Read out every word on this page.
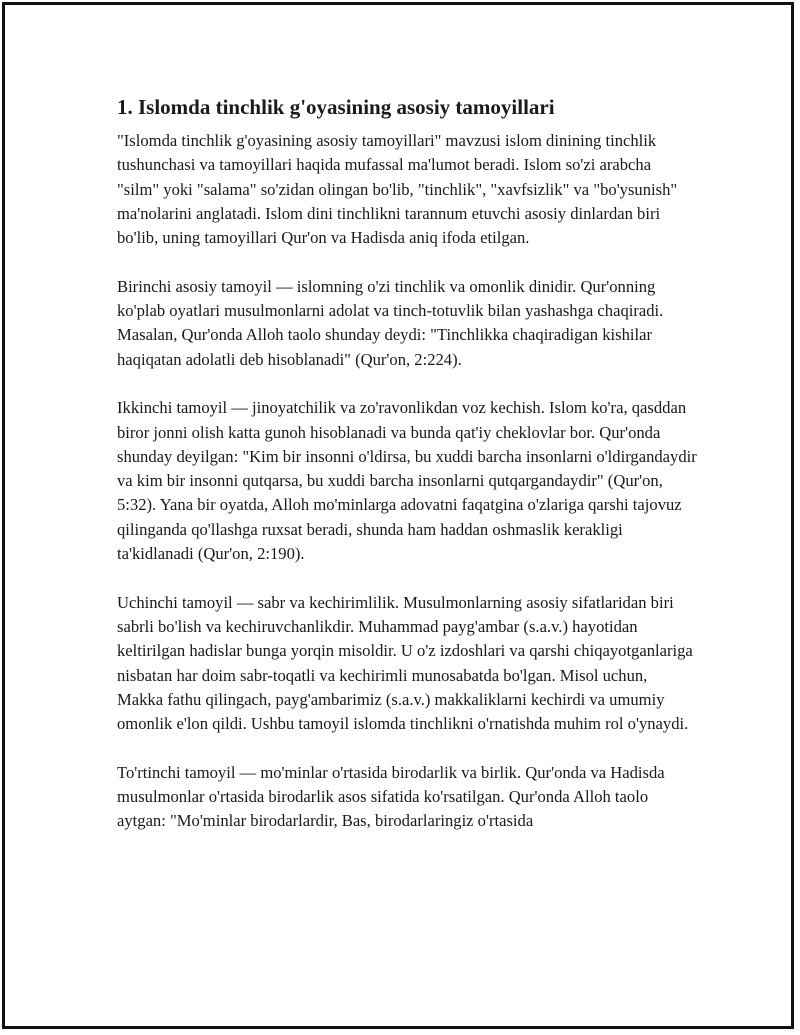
1. Islomda tinchlik g'oyasining asosiy tamoyillari

"Islomda tinchlik g'oyasining asosiy tamoyillari" mavzusi islom dinining tinchlik tushunchasi va tamoyillari haqida mufassal ma'lumot beradi. Islom so'zi arabcha "silm" yoki "salama" so'zidan olingan bo'lib, "tinchlik", "xavfsizlik" va "bo'ysunish" ma'nolarini anglatadi. Islom dini tinchlikni tarannum etuvchi asosiy dinlardan biri bo'lib, uning tamoyillari Qur'on va Hadisda aniq ifoda etilgan.

Birinchi asosiy tamoyil — islomning o'zi tinchlik va omonlik dinidir. Qur'onning ko'plab oyatlari musulmonlarni adolat va tinch-totuvlik bilan yashashga chaqiradi. Masalan, Qur'onda Alloh taolo shunday deydi: "Tinchlikka chaqiradigan kishilar haqiqatan adolatli deb hisoblanadi" (Qur'on, 2:224).

Ikkinchi tamoyil — jinoyatchilik va zo'ravonlikdan voz kechish. Islom ko'ra, qasddan biror jonni olish katta gunoh hisoblanadi va bunda qat'iy cheklovlar bor. Qur'onda shunday deyilgan: "Kim bir insonni o'ldirsa, bu xuddi barcha insonlarni o'ldirgandaydir va kim bir insonni qutqarsa, bu xuddi barcha insonlarni qutqargandaydir" (Qur'on, 5:32). Yana bir oyatda, Alloh mo'minlarga adovatni faqatgina o'zlariga qarshi tajovuz qilinganda qo'llashga ruxsat beradi, shunda ham haddan oshmaslik kerakligi ta'kidlanadi (Qur'on, 2:190).

Uchinchi tamoyil — sabr va kechirimlilik. Musulmonlarning asosiy sifatlaridan biri sabrli bo'lish va kechiruvchanlikdir. Muhammad payg'ambar (s.a.v.) hayotidan keltirilgan hadislar bunga yorqin misoldir. U o'z izdoshlari va qarshi chiqayotganlariga nisbatan har doim sabr-toqatli va kechirimli munosabatda bo'lgan. Misol uchun, Makka fathu qilingach, payg'ambarimiz (s.a.v.) makkaliklarni kechirdi va umumiy omonlik e'lon qildi. Ushbu tamoyil islomda tinchlikni o'rnatishda muhim rol o'ynaydi.

To'rtinchi tamoyil — mo'minlar o'rtasida birodarlik va birlik. Qur'onda va Hadisda musulmonlar o'rtasida birodarlik asos sifatida ko'rsatilgan. Qur'onda Alloh taolo aytgan: "Mo'minlar birodarlardir, Bas, birodarlaringiz o'rtasida
